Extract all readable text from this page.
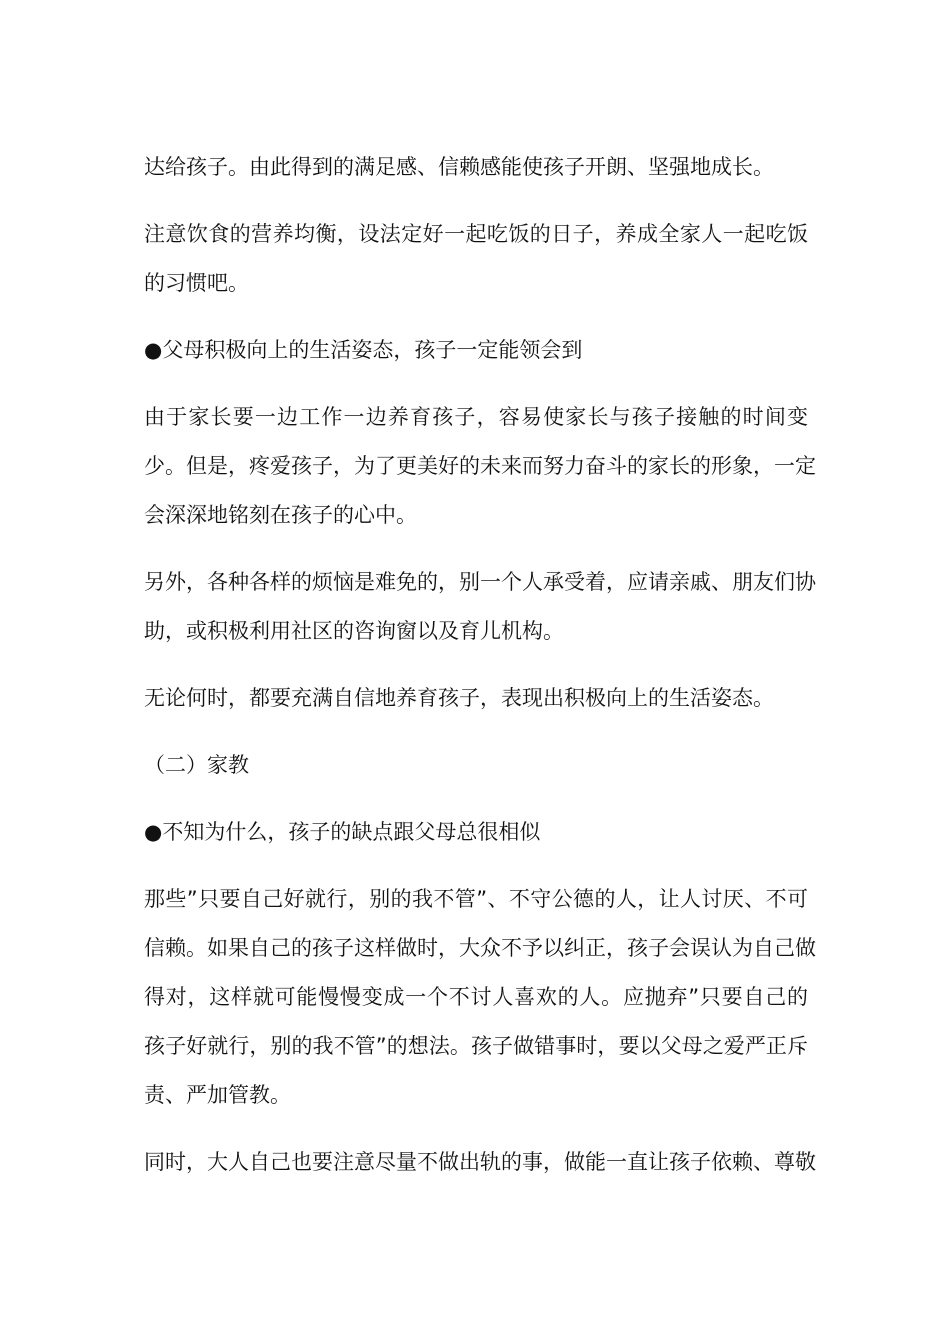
达给孩子。由此得到的满足感、信赖感能使孩子开朗、坚强地成长。
注意饮食的营养均衡，设法定好一起吃饭的日子，养成全家人一起吃饭
的习惯吧。
●父母积极向上的生活姿态，孩子一定能领会到
由于家长要一边工作一边养育孩子，容易使家长与孩子接触的时间变
少。但是，疼爱孩子，为了更美好的未来而努力奋斗的家长的形象，一定
会深深地铭刻在孩子的心中。
另外，各种各样的烦恼是难免的，别一个人承受着，应请亲戚、朋友们协
助，或积极利用社区的咨询窗以及育儿机构。
无论何时，都要充满自信地养育孩子，表现出积极向上的生活姿态。
（二）家教
●不知为什么，孩子的缺点跟父母总很相似
那些”只要自己好就行，别的我不管”、不守公德的人，让人讨厌、不可
信赖。如果自己的孩子这样做时，大众不予以纠正，孩子会误认为自己做
得对，这样就可能慢慢变成一个不讨人喜欢的人。应抛弃”只要自己的
孩子好就行，别的我不管”的想法。孩子做错事时，要以父母之爱严正斥
责、严加管教。
同时，大人自己也要注意尽量不做出轨的事，做能一直让孩子依赖、尊敬
